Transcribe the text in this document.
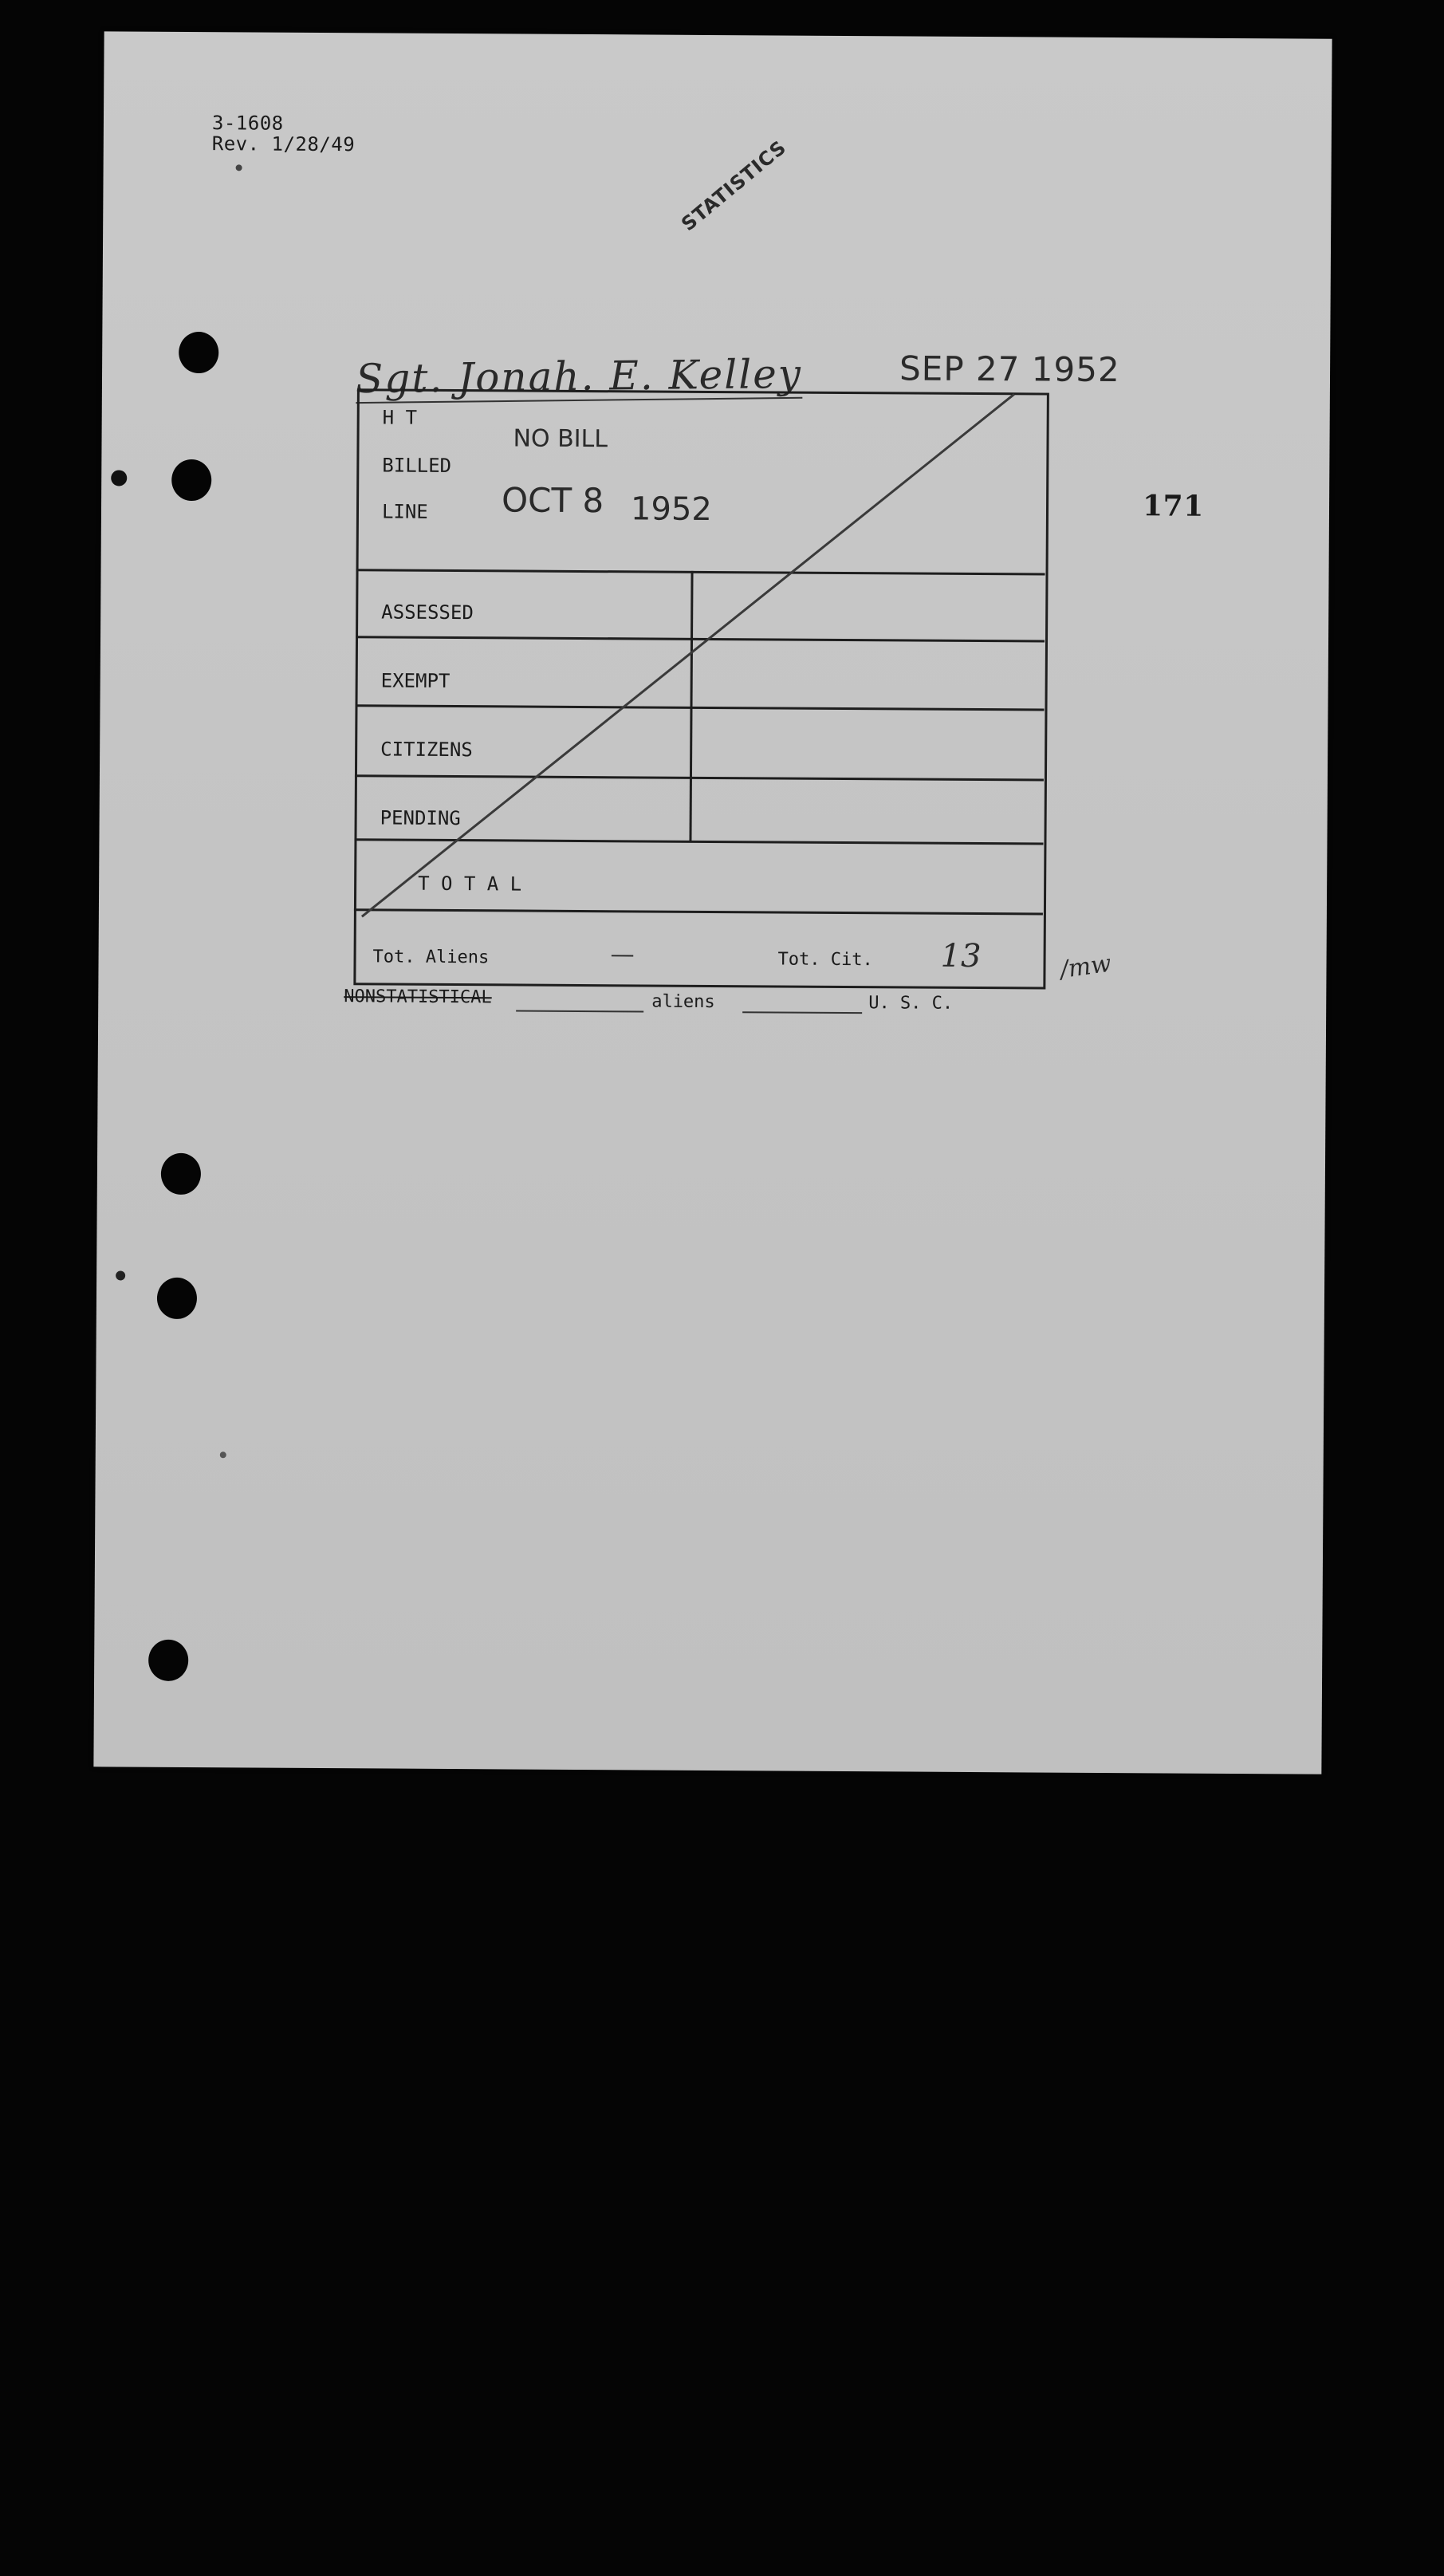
3-1608
Rev. 1/28/49	STATISTICS
Sgt. Jonah. E. Kelley	SEP 27 1952
171
H T
BILLED
LINE
NO BILL
OCT 8 1952
ASSESSED
EXEMPT
CITIZENS
PENDING
T O T A L
Tot. Aliens	—	Tot. Cit. 13	/mw
NONSTATISTICAL	aliens	U. S. C.
